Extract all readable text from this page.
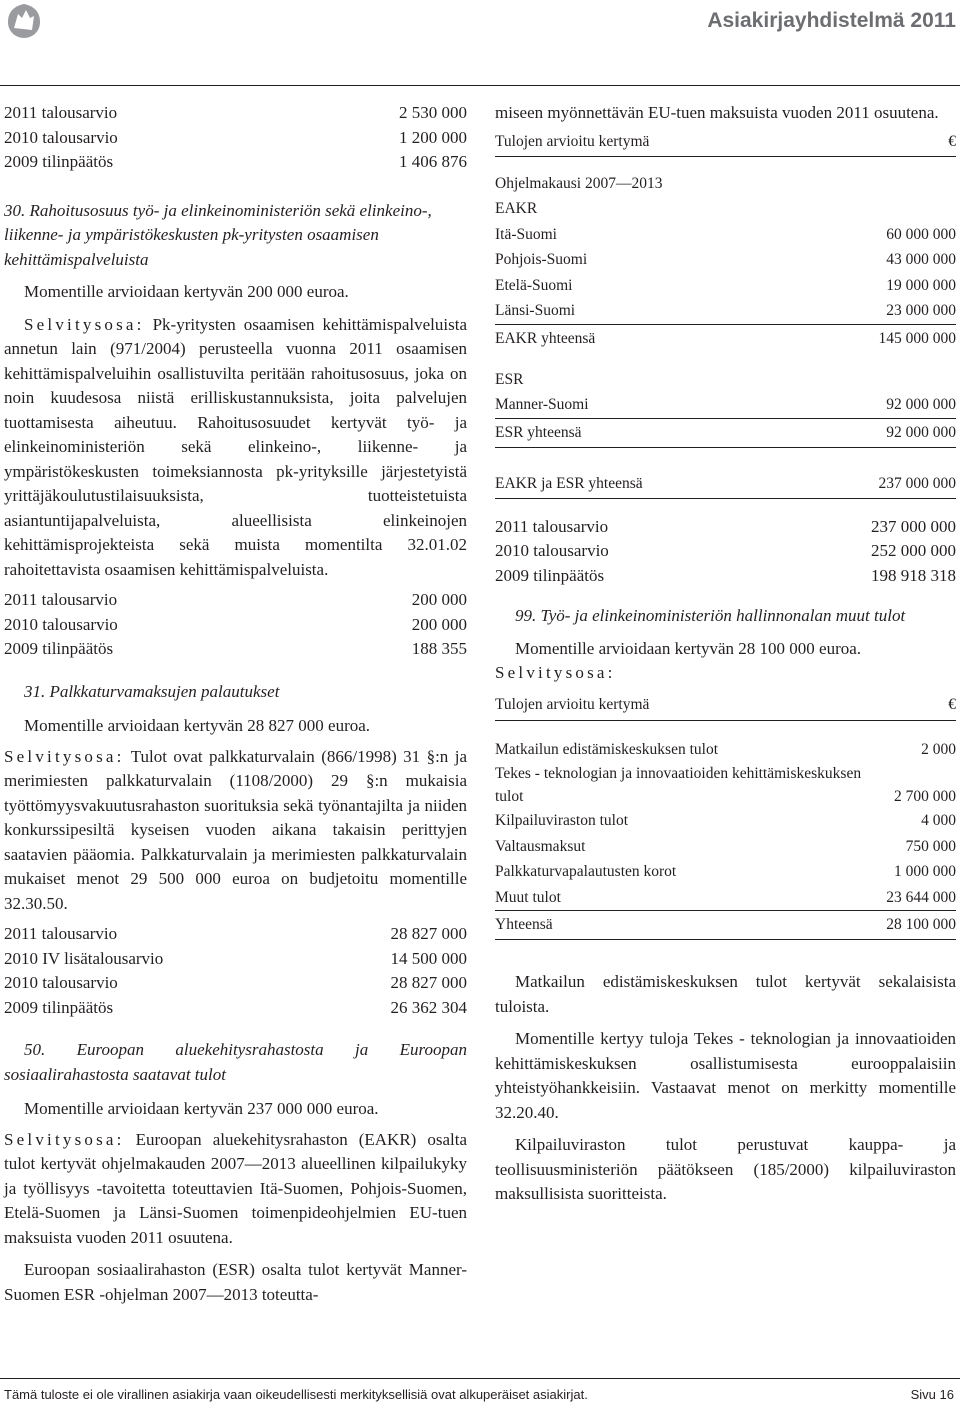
Asiakirjayhdistelmä 2011
2011 talousarvio	2 530 000
2010 talousarvio	1 200 000
2009 tilinpäätös	1 406 876

30. Rahoitusosuus työ- ja elinkeinoministeriön sekä elinkeino-, liikenne- ja ympäristökeskusten pk-yritysten osaamisen kehittämispalveluista

Momentille arvioidaan kertyvän 200 000 euroa.

Selvitysosa: Pk-yritysten osaamisen kehittämispalveluista annetun lain (971/2004) perusteella vuonna 2011 osaamisen kehittämispalveluihin osallistuvilta peritään rahoitusosuus, joka on noin kuudesosa niistä erilliskustannuksista, joita palvelujen tuottamisesta aiheutuu. Rahoitusosuudet kertyvät työ- ja elinkeinoministeriön sekä elinkeino-, liikenne- ja ympäristökeskusten toimeksiannosta pk-yrityksille järjestetyistä yrittäjäkoulutustilaisuuksista, tuotteistetuista asiantuntijapalveluista, alueellisista elinkeinojen kehittämisprojekteista sekä muista momentilta 32.01.02 rahoitettavista osaamisen kehittämispalveluista.

2011 talousarvio	200 000
2010 talousarvio	200 000
2009 tilinpäätös	188 355

31. Palkkaturvamaksujen palautukset

Momentille arvioidaan kertyvän 28 827 000 euroa.

Selvitysosa: Tulot ovat palkkaturvalain (866/1998) 31 §:n ja merimiesten palkkaturvalain (1108/2000) 29 §:n mukaisia työttömyysvakuutusrahaston suorituksia sekä työnantajilta ja niiden konkurssipesiltä kyseisen vuoden aikana takaisin perittyjen saatavien pääomia. Palkkaturvalain ja merimiesten palkkaturvalain mukaiset menot 29 500 000 euroa on budjetoitu momentille 32.30.50.

2011 talousarvio	28 827 000
2010 IV lisätalousarvio	14 500 000
2010 talousarvio	28 827 000
2009 tilinpäätös	26 362 304

50. Euroopan aluekehitysrahastosta ja Euroopan sosiaalirahastosta saatavat tulot

Momentille arvioidaan kertyvän 237 000 000 euroa.

Selvitysosa: Euroopan aluekehitysrahaston (EAKR) osalta tulot kertyvät ohjelmakauden 2007—2013 alueellinen kilpailukyky ja työllisyys -tavoitetta toteuttavien Itä-Suomen, Pohjois-Suomen, Etelä-Suomen ja Länsi-Suomen toimenpideohjelmien EU-tuen maksuista vuoden 2011 osuutena.

Euroopan sosiaalirahaston (ESR) osalta tulot kertyvät Manner-Suomen ESR -ohjelman 2007—2013 toteutta-

miseen myönnettävän EU-tuen maksuista vuoden 2011 osuutena.

Tulojen arvioitu kertymä	€
Ohjelmakausi 2007—2013
EAKR
Itä-Suomi	60 000 000
Pohjois-Suomi	43 000 000
Etelä-Suomi	19 000 000
Länsi-Suomi	23 000 000
EAKR yhteensä	145 000 000
ESR
Manner-Suomi	92 000 000
ESR yhteensä	92 000 000
EAKR ja ESR yhteensä	237 000 000
2011 talousarvio	237 000 000
2010 talousarvio	252 000 000
2009 tilinpäätös	198 918 318

99. Työ- ja elinkeinoministeriön hallinnonalan muut tulot

Momentille arvioidaan kertyvän 28 100 000 euroa.

Selvitysosa:

Tulojen arvioitu kertymä	€
Matkailun edistämiskeskuksen tulot	2 000
Tekes - teknologian ja innovaatioiden kehittämiskeskuksen tulot	2 700 000
Kilpailuviraston tulot	4 000
Valtausmaksut	750 000
Palkkaturvapalautusten korot	1 000 000
Muut tulot	23 644 000
Yhteensä	28 100 000

Matkailun edistämiskeskuksen tulot kertyvät sekalaisista tuloista.

Momentille kertyy tuloja Tekes - teknologian ja innovaatioiden kehittämiskeskuksen osallistumisesta eurooppalaisiin yhteistyöhankkeisiin. Vastaavat menot on merkitty momentille 32.20.40.

Kilpailuviraston tulot perustuvat kauppa- ja teollisuusministeriön päätökseen (185/2000) kilpailuviraston maksullisista suoritteista.

Tämä tuloste ei ole virallinen asiakirja vaan oikeudellisesti merkityksellisiä ovat alkuperäiset asiakirjat.	Sivu 16
